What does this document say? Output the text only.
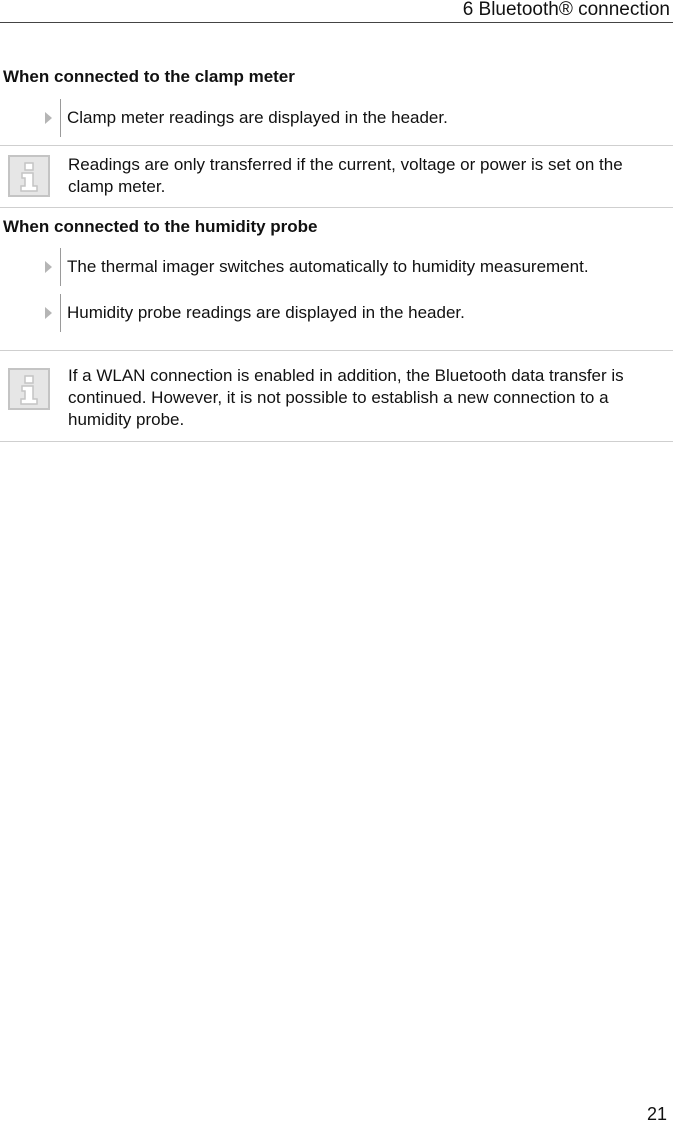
6 Bluetooth® connection
When connected to the clamp meter
Clamp meter readings are displayed in the header.
Readings are only transferred if the current, voltage or power is set on the clamp meter.
When connected to the humidity probe
The thermal imager switches automatically to humidity measurement.
Humidity probe readings are displayed in the header.
If a WLAN connection is enabled in addition, the Bluetooth data transfer is continued. However, it is not possible to establish a new connection to a humidity probe.
21
